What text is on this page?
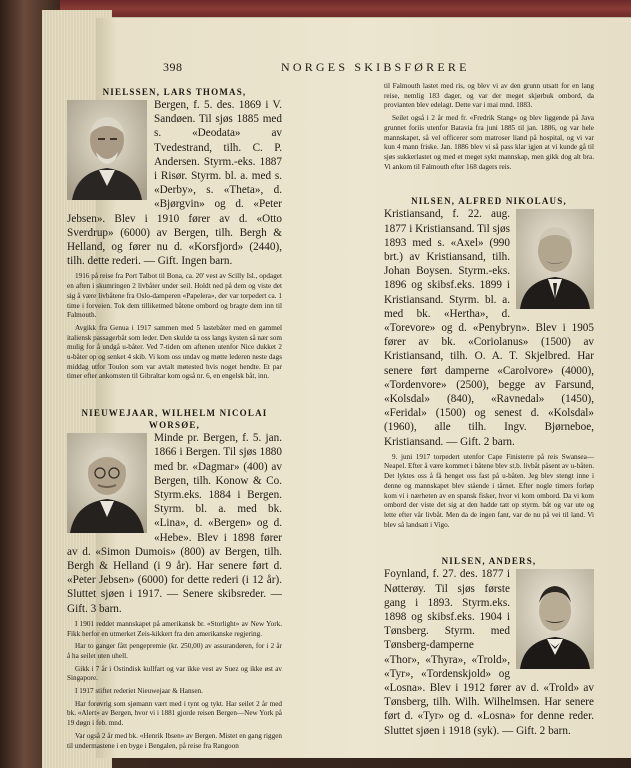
398	NORGES SKIBSFØRERE
NIELSSEN, LARS THOMAS,
Bergen, f. 5. des. 1869 i V. Sandøen. Til sjøs 1885 med s. «Deodata» av Tvedestrand, tilh. C. P. Andersen. Styrm.-eks. 1887 i Risør. Styrm. bl. a. med s. «Derby», s. «Theta», d. «Bjørgvin» og d. «Peter Jebsen». Blev i 1910 fører av d. «Otto Sverdrup» (6000) av Bergen, tilh. Bergh & Helland, og fører nu d. «Korsfjord» (2440), tilh. dette rederi. — Gift. Ingen barn.

1916 på reise fra Port Talbot til Bona, ca. 20' vest av Scilly Isl., opdaget en aften i skumringen 2 livbåter under seil. Holdt ned på dem og viste det sig å være livbåtene fra Oslo-damperen «Papelera», der var torpedert ca. 1 time i forveien. Tok dem tilliketmed båtene ombord og bragte dem inn til Falmouth.

Avgikk fra Genua i 1917 sammen med 5 lastebåter med en gammel italiensk passagerbåt som leder. Den skulde ta oss langs kysten så nær som mulig for å undgå u-båter. Ved 7-tiden om aftenen utenfor Nice dukket 2 u-båter op og senket 4 skib. Vi kom oss undav og møtte lederen neste dags middag utfor Toulon som var avtalt møtested hvis noget hendte. Et par timer efter ankomsten til Gibraltar kom også nr. 6, en engelsk båt, inn.

NIEUWEJAAR, WILHELM NICOLAI WORSØE,
Minde pr. Bergen, f. 5. jan. 1866 i Bergen. Til sjøs 1880 med br. «Dagmar» (400) av Bergen, tilh. Konow & Co. Styrm.eks. 1884 i Bergen. Styrm. bl. a. med bk. «Lina», d. «Bergen» og d. «Hebe». Blev i 1898 fører av d. «Simon Dumois» (800) av Bergen, tilh. Bergh & Helland (i 9 år). Har senere ført d. «Peter Jebsen» (6000) for dette rederi (i 12 år). Sluttet sjøen i 1917. — Senere skibsreder. — Gift. 3 barn.

I 1901 reddet mannskapet på amerikansk br. «Storlight» av New York. Fikk herfor en utmerket Zeis-kikkert fra den amerikanske regjering.

Har to ganger fått pengepremie (kr. 250,00) av assurandøren, for i 2 år å ha seilet uten uhell.

Gikk i 7 år i Ostindisk kullfart og var ikke vest av Suez og ikke øst av Singapore.

I 1917 stiftet rederiet Nieuwejaar & Hansen.

Har forøvrig som sjømann vært med i tynt og tykt. Har seilet 2 år med bk. «Alert» av Bergen, hvor vi i 1881 gjorde reisen Bergen—New York på 19 døgn i feb. mnd.

Var også 2 år med bk. «Henrik Ibsen» av Bergen. Mistet en gang riggen til undermastene i en byge i Bengalen, på reise fra Rangoon

til Falmouth lastet med ris, og blev vi av den grunn utsatt for en lang reise, nemlig 183 dager, og var der meget skjørbuk ombord, da provianten blev edelagt. Dette var i mai mnd. 1883.

Seilet også i 2 år med fr. «Fredrik Stang» og blev liggende på Java grunnet foriis utenfor Batavia fra juni 1885 til jan. 1886, og var hele mannskapet, så vel officerer som matroser liand på hospital, og vi var kun 4 mann friske. Jan. 1886 blev vi så pass klar igjen at vi kunde gå til sjøs sukkerlastet og med et meget sykt mannskap, men gikk dog alt bra. Vi ankom til Falmouth efter 168 dagers reis.

NILSEN, ALFRED NIKOLAUS,
Kristiansand, f. 22. aug. 1877 i Kristiansand. Til sjøs 1893 med s. «Axel» (990 brt.) av Kristiansand, tilh. Johan Boysen. Styrm.-eks. 1896 og skibsf.eks. 1899 i Kristiansand. Styrm. bl. a. med bk. «Hertha», d. «Torevore» og d. «Penybryn». Blev i 1905 fører av bk. «Coriolanus» (1500) av Kristiansand, tilh. O. A. T. Skjelbred. Har senere ført damperne «Carolvore» (4000), «Tordenvore» (2500), begge av Farsund, «Kolsdal» (840), «Ravnedal» (1450), «Feridal» (1500) og senest d. «Kolsdal» (1960), alle tilh. Ingv. Bjørneboe, Kristiansand. — Gift. 2 barn.

9. juni 1917 torpedert utenfor Cape Finisterre på reis Swansea—Neapel. Efter å være kommet i båtene blev st.b. livbåt påsent av u-båten. Det lyktes oss å få henget oss fast på u-båten. Jeg blev stengt inne i denne og mannskapet blev stående i tårnet. Efter nogle timers forløp kom vi i nærheten av en spansk fisker, hvor vi kom ombord. Da vi kom ombord der viste det sig at den hadde tatt op styrm. båt og var ute og lette efter vår livbåt. Men da de ingen fant, var de nu på vei til land. Vi blev så landsatt i Vigo.

NILSEN, ANDERS,
Foynland, f. 27. des. 1877 i Nøtterøy. Til sjøs første gang i 1893. Styrm.eks. 1898 og skibsf.eks. 1904 i Tønsberg. Styrm. med Tønsberg-damperne «Thor», «Thyra», «Trold», «Tyr», «Tordenskjold» og «Losna». Blev i 1912 fører av d. «Trold» av Tønsberg, tilh. Wilh. Wilhelmsen. Har senere ført d. «Tyr» og d. «Losna» for denne reder. Sluttet sjøen i 1918 (syk). — Gift. 2 barn.
